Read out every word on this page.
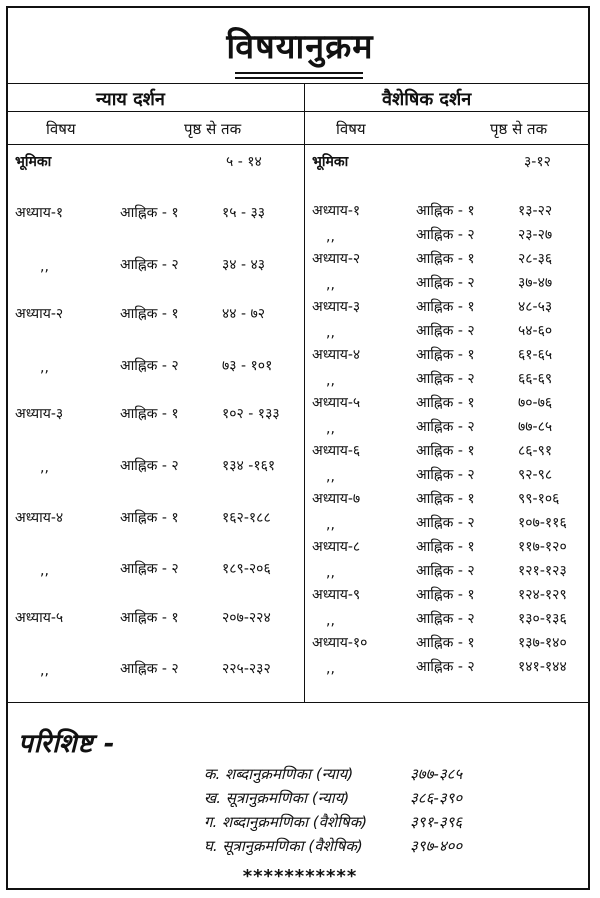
विषयानुक्रम
न्याय दर्शन
विषय	पृष्ठ से तक
वैशेषिक दर्शन
विषय	पृष्ठ से तक
भूमिका	५ - १४
अध्याय-१	आह्निक - १	१५ - ३३
,,	आह्निक - २	३४ - ४३
अध्याय-२	आह्निक - १	४४ - ७२
,,	आह्निक - २	७३ - १०१
अध्याय-३	आह्निक - १	१०२ - १३३
,,	आह्निक - २	१३४ -१६१
अध्याय-४	आह्निक - १	१६२-१८८
,,	आह्निक - २	१८९-२०६
अध्याय-५	आह्निक - १	२०७-२२४
,,	आह्निक - २	२२५-२३२
भूमिका	३-१२
अध्याय-१	आह्निक - १	१३-२२
,,	आह्निक - २	२३-२७
अध्याय-२	आह्निक - १	२८-३६
,,	आह्निक - २	३७-४७
अध्याय-३	आह्निक - १	४८-५३
,,	आह्निक - २	५४-६०
अध्याय-४	आह्निक - १	६१-६५
,,	आह्निक - २	६६-६९
अध्याय-५	आह्निक - १	७०-७६
,,	आह्निक - २	७७-८५
अध्याय-६	आह्निक - १	८६-९१
,,	आह्निक - २	९२-९८
अध्याय-७	आह्निक - १	९९-१०६
,,	आह्निक - २	१०७-११६
अध्याय-८	आह्निक - १	११७-१२०
,,	आह्निक - २	१२१-१२३
अध्याय-९	आह्निक - १	१२४-१२९
,,	आह्निक - २	१३०-१३६
अध्याय-१०	आह्निक - १	१३७-१४०
,,	आह्निक - २	१४१-१४४
परिशिष्ट -
क. शब्दानुक्रमणिका (न्याय)	३७७-३८५
ख. सूत्रानुक्रमणिका (न्याय)	३८६-३९०
ग. शब्दानुक्रमणिका (वैशेषिक)	३९१-३९६
घ. सूत्रानुक्रमणिका (वैशेषिक)	३९७-४००
***********
